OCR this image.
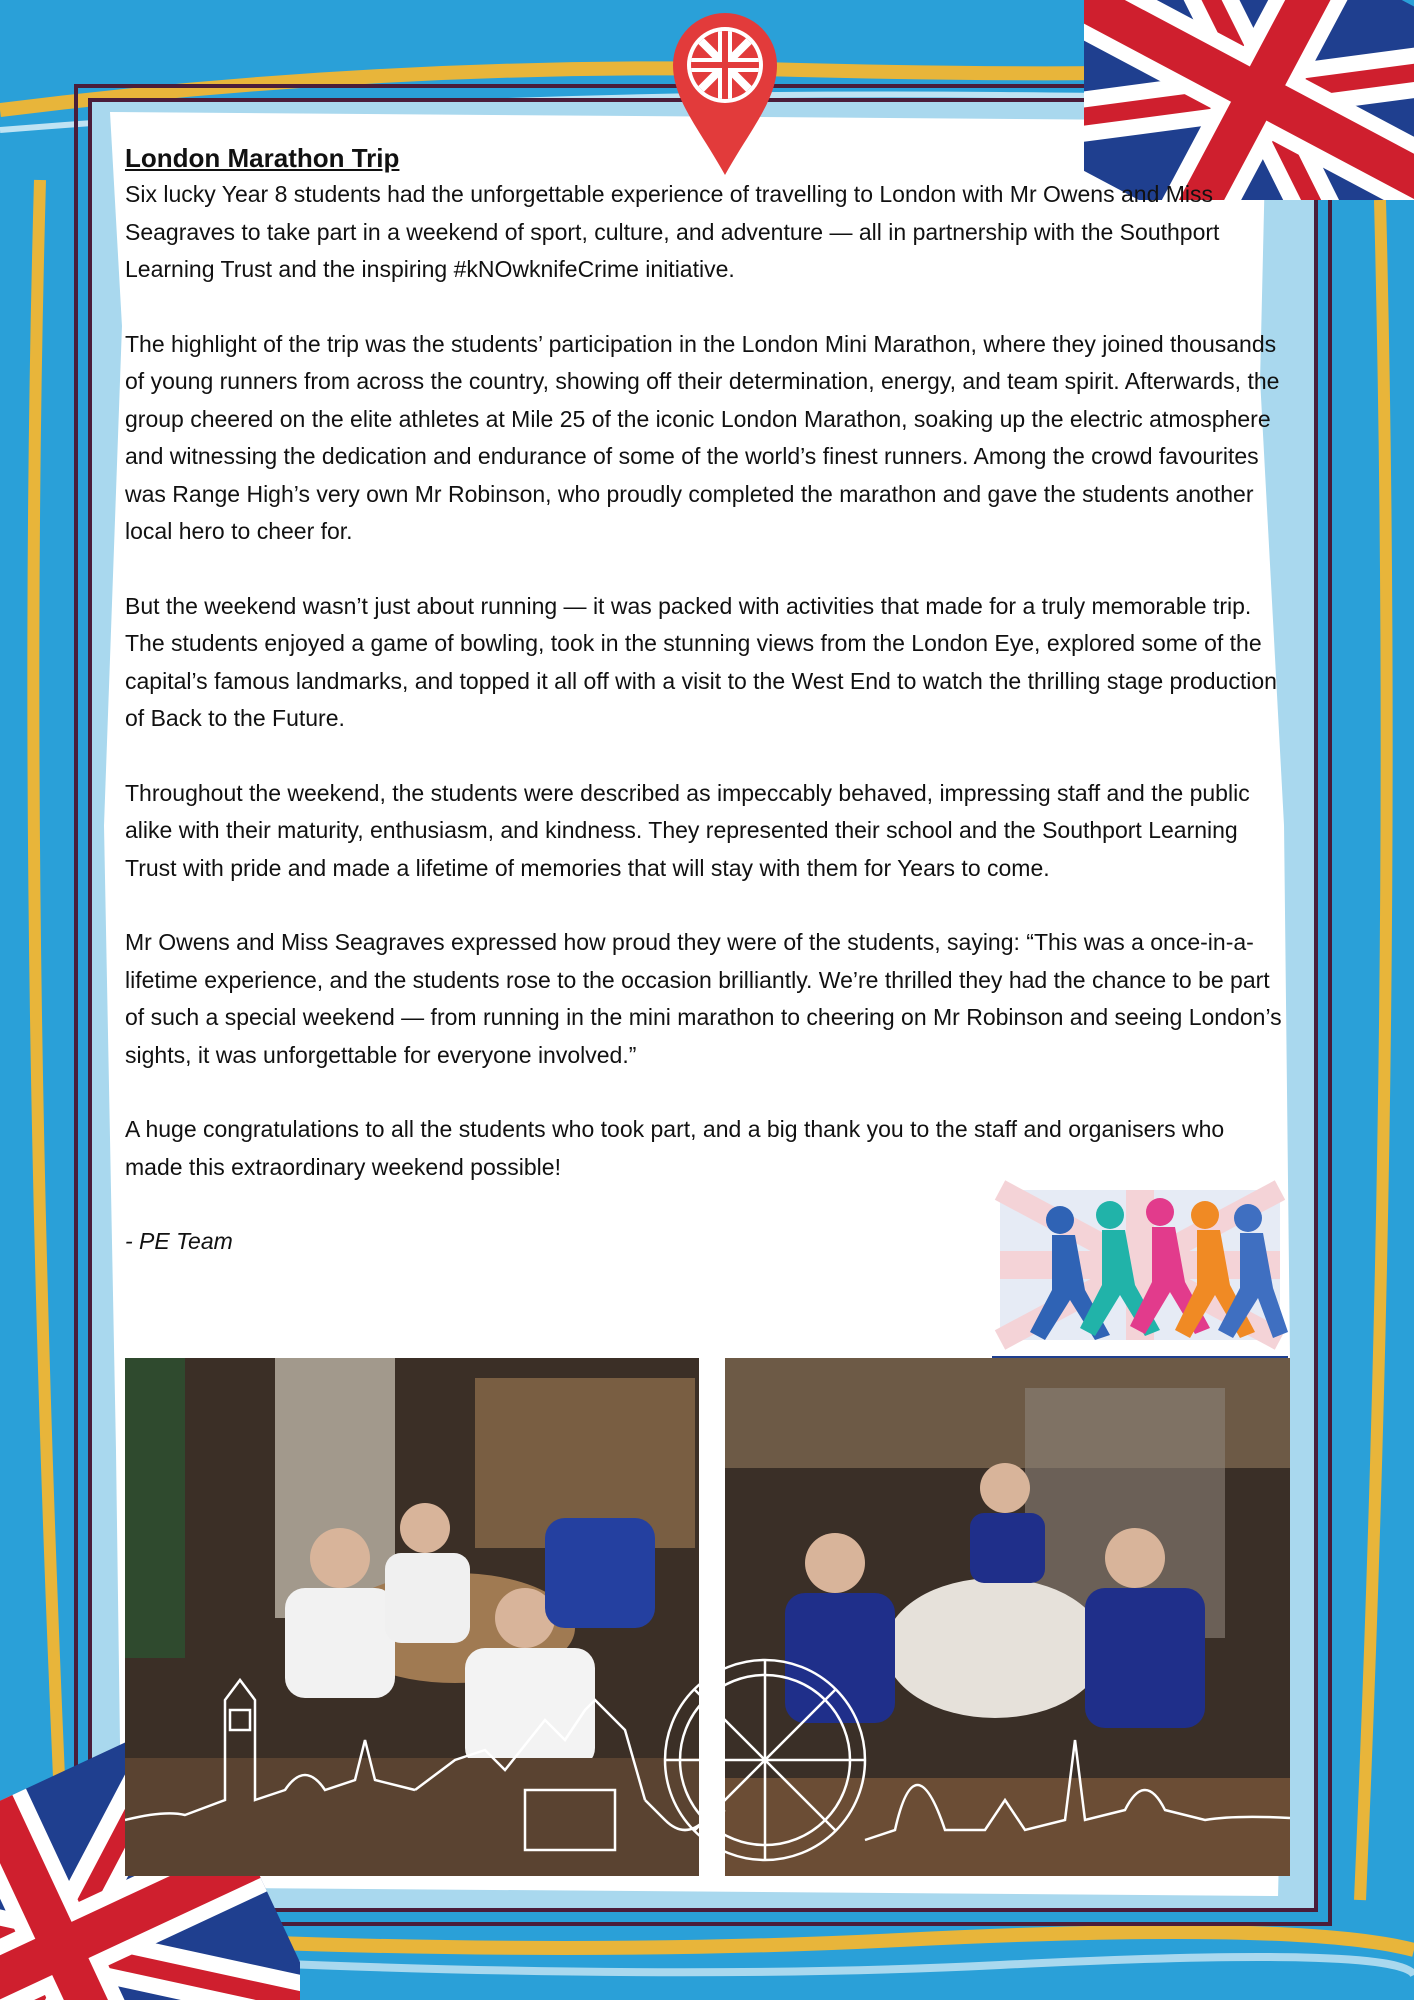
London Marathon Trip

Six lucky Year 8 students had the unforgettable experience of travelling to London with Mr Owens and Miss Seagraves to take part in a weekend of sport, culture, and adventure — all in partnership with the Southport Learning Trust and the inspiring #kNOwknifeCrime initiative.

The highlight of the trip was the students’ participation in the London Mini Marathon, where they joined thousands of young runners from across the country, showing off their determination, energy, and team spirit. Afterwards, the group cheered on the elite athletes at Mile 25 of the iconic London Marathon, soaking up the electric atmosphere and witnessing the dedication and endurance of some of the world’s finest runners. Among the crowd favourites was Range High’s very own Mr Robinson, who proudly completed the marathon and gave the students another local hero to cheer for.

But the weekend wasn’t just about running — it was packed with activities that made for a truly memorable trip. The students enjoyed a game of bowling, took in the stunning views from the London Eye, explored some of the capital’s famous landmarks, and topped it all off with a visit to the West End to watch the thrilling stage production of Back to the Future.

Throughout the weekend, the students were described as impeccably behaved, impressing staff and the public alike with their maturity, enthusiasm, and kindness. They represented their school and the Southport Learning Trust with pride and made a lifetime of memories that will stay with them for Years to come.

Mr Owens and Miss Seagraves expressed how proud they were of the students, saying: “This was a once-in-a-lifetime experience, and the students rose to the occasion brilliantly. We’re thrilled they had the chance to be part of such a special weekend — from running in the mini marathon to cheering on Mr Robinson and seeing London’s sights, it was unforgettable for everyone involved.”

A huge congratulations to all the students who took part, and a big thank you to the staff and organisers who made this extraordinary weekend possible!

- PE Team
